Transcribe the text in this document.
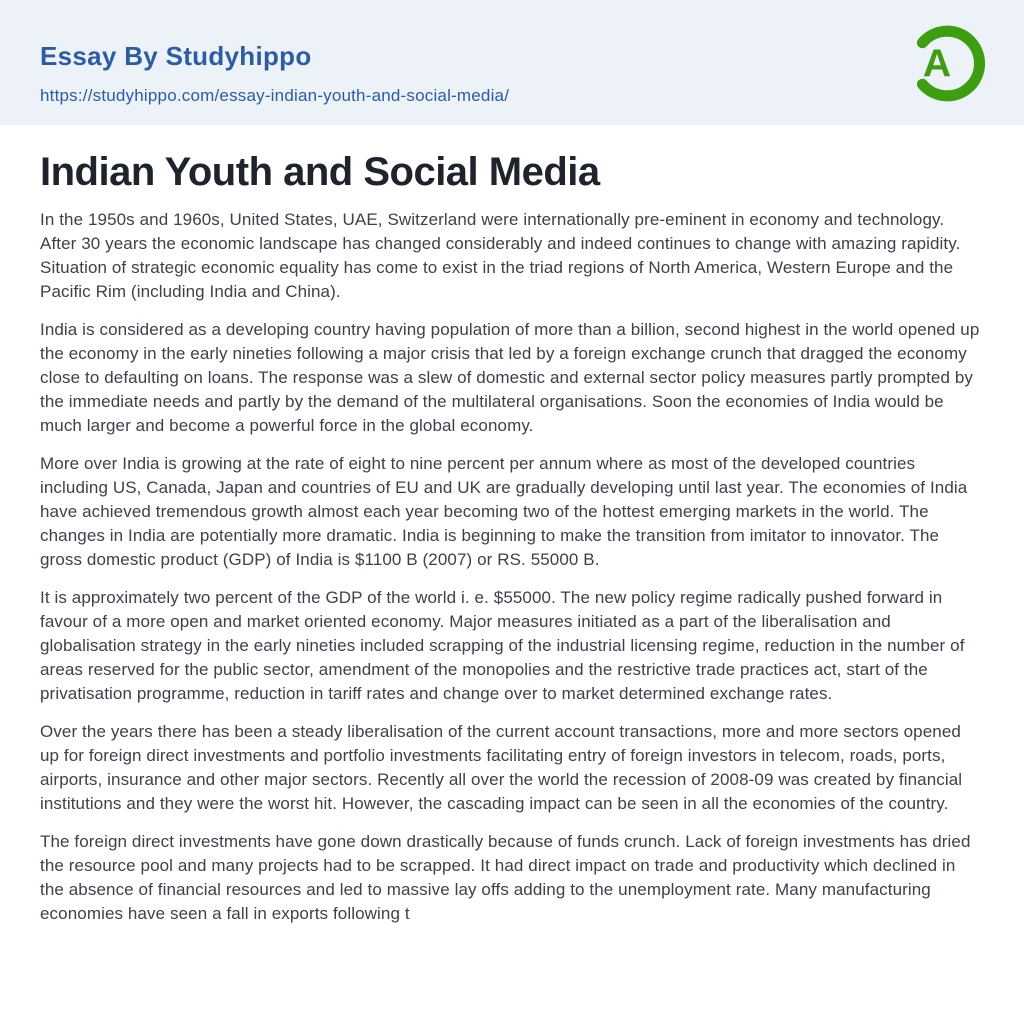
Essay By Studyhippo
https://studyhippo.com/essay-indian-youth-and-social-media/
A
Indian Youth and Social Media

In the 1950s and 1960s, United States, UAE, Switzerland were internationally pre-eminent in economy and technology. After 30 years the economic landscape has changed considerably and indeed continues to change with amazing rapidity. Situation of strategic economic equality has come to exist in the triad regions of North America, Western Europe and the Pacific Rim (including India and China).

India is considered as a developing country having population of more than a billion, second highest in the world opened up the economy in the early nineties following a major crisis that led by a foreign exchange crunch that dragged the economy close to defaulting on loans. The response was a slew of domestic and external sector policy measures partly prompted by the immediate needs and partly by the demand of the multilateral organisations. Soon the economies of India would be much larger and become a powerful force in the global economy.

More over India is growing at the rate of eight to nine percent per annum where as most of the developed countries including US, Canada, Japan and countries of EU and UK are gradually developing until last year. The economies of India have achieved tremendous growth almost each year becoming two of the hottest emerging markets in the world. The changes in India are potentially more dramatic. India is beginning to make the transition from imitator to innovator. The gross domestic product (GDP) of India is $1100 B (2007) or RS. 55000 B.

It is approximately two percent of the GDP of the world i. e. $55000. The new policy regime radically pushed forward in favour of a more open and market oriented economy. Major measures initiated as a part of the liberalisation and globalisation strategy in the early nineties included scrapping of the industrial licensing regime, reduction in the number of areas reserved for the public sector, amendment of the monopolies and the restrictive trade practices act, start of the privatisation programme, reduction in tariff rates and change over to market determined exchange rates.

Over the years there has been a steady liberalisation of the current account transactions, more and more sectors opened up for foreign direct investments and portfolio investments facilitating entry of foreign investors in telecom, roads, ports, airports, insurance and other major sectors. Recently all over the world the recession of 2008-09 was created by financial institutions and they were the worst hit. However, the cascading impact can be seen in all the economies of the country.

The foreign direct investments have gone down drastically because of funds crunch. Lack of foreign investments has dried the resource pool and many projects had to be scrapped. It had direct impact on trade and productivity which declined in the absence of financial resources and led to massive lay offs adding to the unemployment rate. Many manufacturing economies have seen a fall in exports following t
